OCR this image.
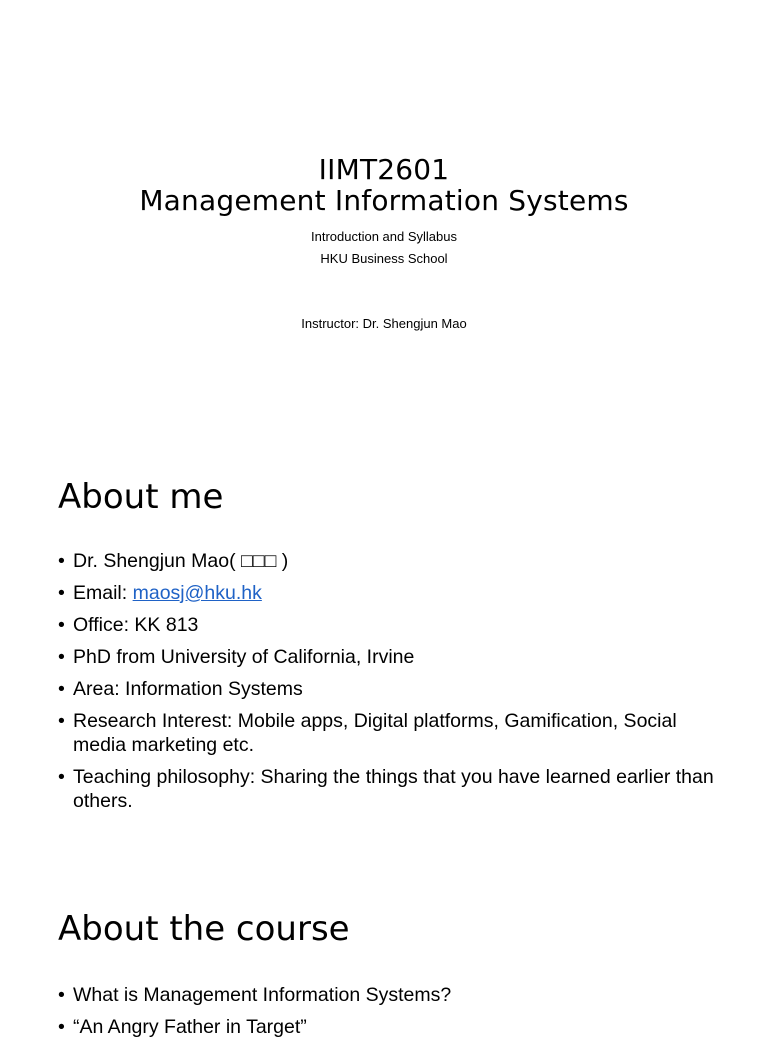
IIMT2601
Management Information Systems
Introduction and Syllabus
HKU Business School
Instructor: Dr. Shengjun Mao
About me
• Dr. Shengjun Mao( □□□ )
• Email: maosj@hku.hk
• Office: KK 813
• PhD from University of California, Irvine
• Area: Information Systems
• Research Interest: Mobile apps, Digital platforms, Gamification, Social media marketing etc.
• Teaching philosophy: Sharing the things that you have learned earlier than others.
About the course
• What is Management Information Systems?
• “An Angry Father in Target”
